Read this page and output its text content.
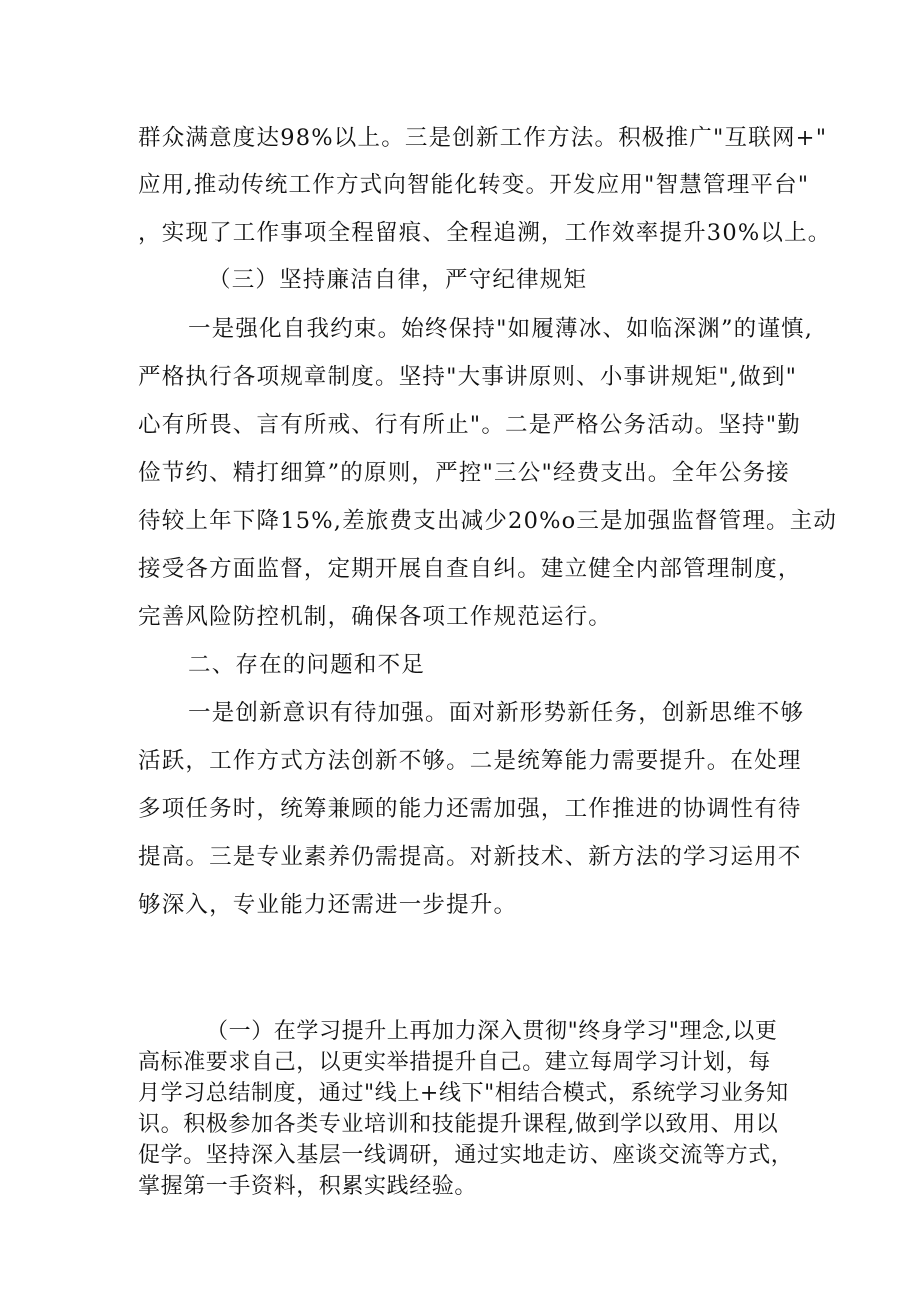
群众满意度达98%以上。三是创新工作方法。积极推广"互联网+"
应用,推动传统工作方式向智能化转变。开发应用"智慧管理平台"
，实现了工作事项全程留痕、全程追溯，工作效率提升30%以上。
（三）坚持廉洁自律，严守纪律规矩
一是强化自我约束。始终保持"如履薄冰、如临深渊”的谨慎,
严格执行各项规章制度。坚持"大事讲原则、小事讲规矩",做到"
心有所畏、言有所戒、行有所止"。二是严格公务活动。坚持"勤
俭节约、精打细算”的原则，严控"三公"经费支出。全年公务接
待较上年下降15%,差旅费支出减少20%o三是加强监督管理。主动
接受各方面监督，定期开展自查自纠。建立健全内部管理制度，
完善风险防控机制，确保各项工作规范运行。
二、存在的问题和不足
一是创新意识有待加强。面对新形势新任务，创新思维不够
活跃，工作方式方法创新不够。二是统筹能力需要提升。在处理
多项任务时，统筹兼顾的能力还需加强，工作推进的协调性有待
提高。三是专业素养仍需提高。对新技术、新方法的学习运用不
够深入，专业能力还需进一步提升。
（一）在学习提升上再加力深入贯彻"终身学习"理念,以更
高标准要求自己，以更实举措提升自己。建立每周学习计划，每
月学习总结制度，通过"线上+线下"相结合模式，系统学习业务知
识。积极参加各类专业培训和技能提升课程,做到学以致用、用以
促学。坚持深入基层一线调研，通过实地走访、座谈交流等方式，
掌握第一手资料，积累实践经验。
